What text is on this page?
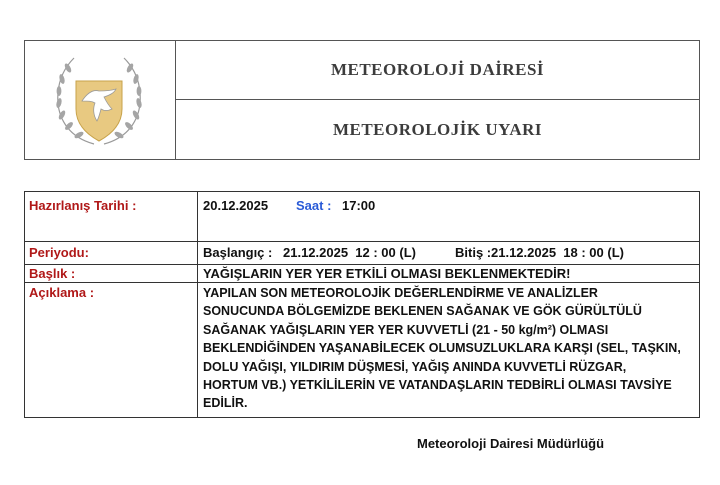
METEOROLOJİ DAİRESİ
METEOROLOJİK UYARI
Hazırlanış Tarihi :	20.12.2025 Saat : 17:00
Periyodu:	Başlangıç : 21.12.2025  12 : 00 (L)	Bitiş : 21.12.2025  18 : 00 (L)
Başlık :	YAĞIŞLARIN YER YER ETKİLİ OLMASI BEKLENMEKTEDİR!
Açıklama :	YAPILAN SON METEOROLOJİK DEĞERLENDİRME VE ANALİZLER
SONUCUNDA BÖLGEMİZDE BEKLENEN SAĞANAK VE GÖK GÜRÜLTÜLÜ
SAĞANAK YAĞIŞLARIN YER YER KUVVETLİ (21 - 50 kg/m²) OLMASI
BEKLENDİĞİNDEN YAŞANABİLECEK OLUMSUZLUKLARA KARŞI (SEL, TAŞKIN,
DOLU YAĞIŞI, YILDIRIM DÜŞMESİ, YAĞIŞ ANINDA KUVVETLİ RÜZGAR,
HORTUM VB.) YETKİLİLERİN VE VATANDAŞLARIN TEDBİRLİ OLMASI TAVSİYE
EDİLİR.
Meteoroloji Dairesi Müdürlüğü
